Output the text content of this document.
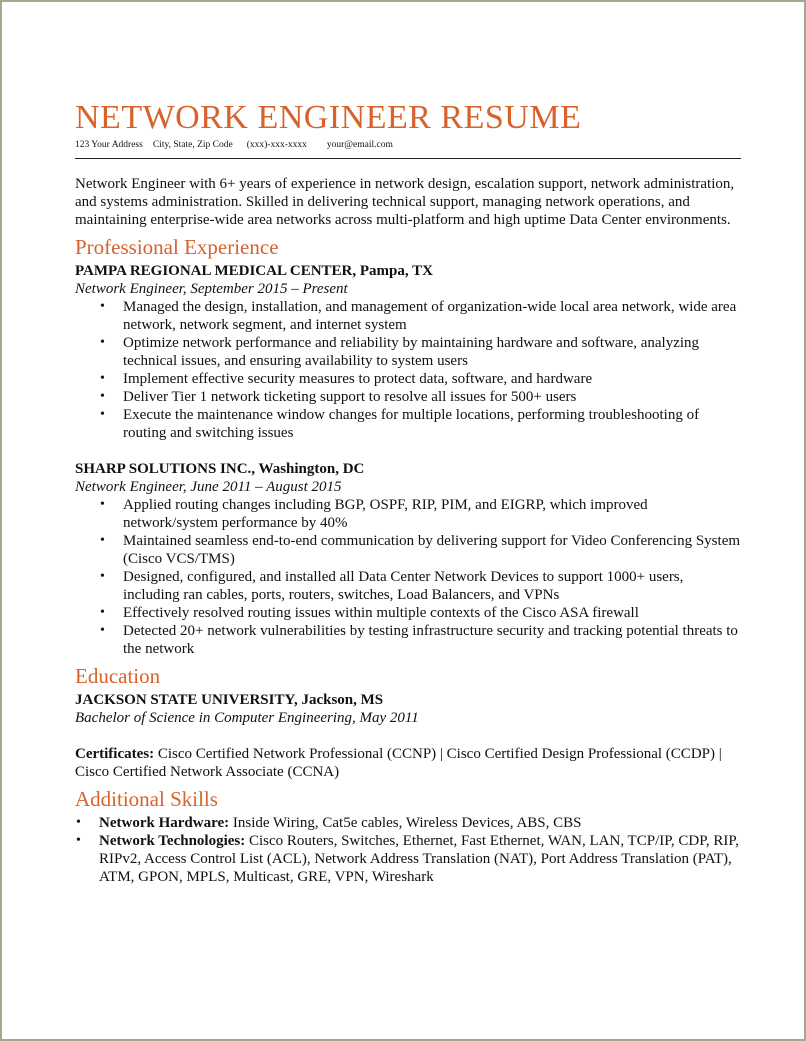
NETWORK ENGINEER RESUME
123 Your Address City, State, Zip Code (xxx)-xxx-xxxx your@email.com
Network Engineer with 6+ years of experience in network design, escalation support, network administration, and systems administration. Skilled in delivering technical support, managing network operations, and maintaining enterprise-wide area networks across multi-platform and high uptime Data Center environments.
Professional Experience
PAMPA REGIONAL MEDICAL CENTER, Pampa, TX
Network Engineer, September 2015 – Present
• Managed the design, installation, and management of organization-wide local area network, wide area network, network segment, and internet system
• Optimize network performance and reliability by maintaining hardware and software, analyzing technical issues, and ensuring availability to system users
• Implement effective security measures to protect data, software, and hardware
• Deliver Tier 1 network ticketing support to resolve all issues for 500+ users
• Execute the maintenance window changes for multiple locations, performing troubleshooting of routing and switching issues
SHARP SOLUTIONS INC., Washington, DC
Network Engineer, June 2011 – August 2015
• Applied routing changes including BGP, OSPF, RIP, PIM, and EIGRP, which improved network/system performance by 40%
• Maintained seamless end-to-end communication by delivering support for Video Conferencing System (Cisco VCS/TMS)
• Designed, configured, and installed all Data Center Network Devices to support 1000+ users, including ran cables, ports, routers, switches, Load Balancers, and VPNs
• Effectively resolved routing issues within multiple contexts of the Cisco ASA firewall
• Detected 20+ network vulnerabilities by testing infrastructure security and tracking potential threats to the network
Education
JACKSON STATE UNIVERSITY, Jackson, MS
Bachelor of Science in Computer Engineering, May 2011
Certificates: Cisco Certified Network Professional (CCNP) | Cisco Certified Design Professional (CCDP) | Cisco Certified Network Associate (CCNA)
Additional Skills
• Network Hardware: Inside Wiring, Cat5e cables, Wireless Devices, ABS, CBS
• Network Technologies: Cisco Routers, Switches, Ethernet, Fast Ethernet, WAN, LAN, TCP/IP, CDP, RIP, RIPv2, Access Control List (ACL), Network Address Translation (NAT), Port Address Translation (PAT), ATM, GPON, MPLS, Multicast, GRE, VPN, Wireshark
